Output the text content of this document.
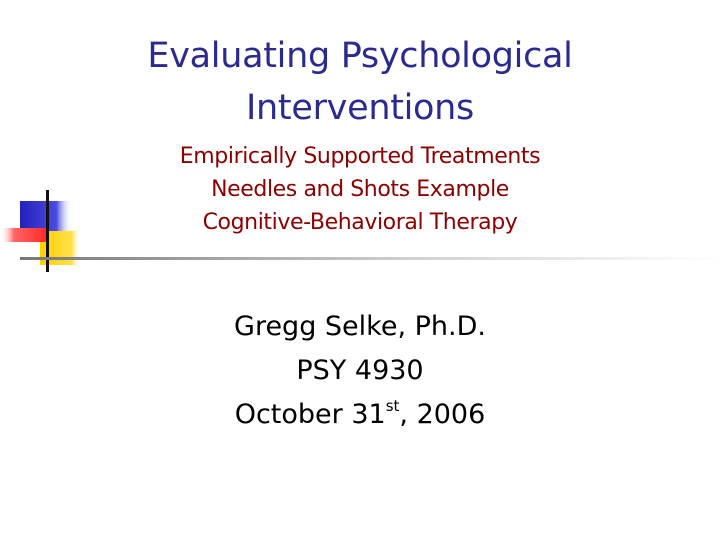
Evaluating Psychological
Interventions
Empirically Supported Treatments
Needles and Shots Example
Cognitive-Behavioral Therapy
Gregg Selke, Ph.D.
PSY 4930
October 31st, 2006
